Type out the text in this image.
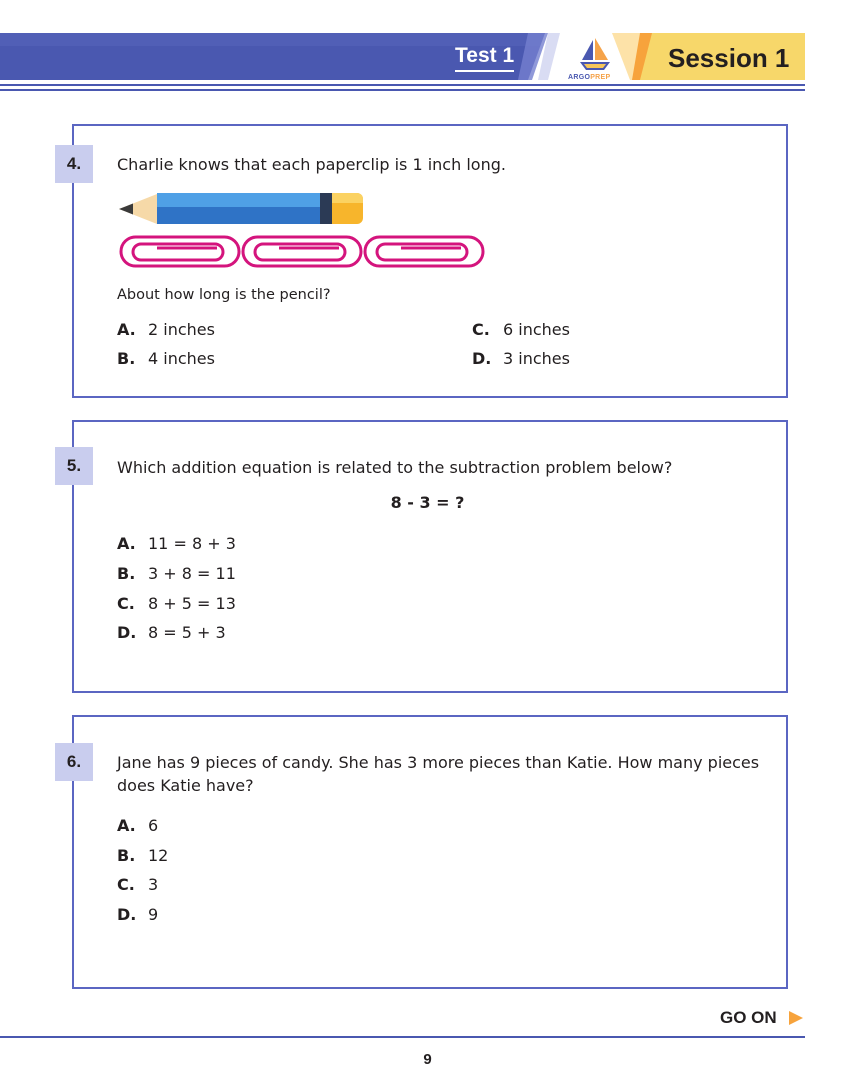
Test 1	Session 1
ARGOPREP
4.	Charlie knows that each paperclip is 1 inch long.
About how long is the pencil?
A. 2 inches
B. 4 inches
C. 6 inches
D. 3 inches
5.	Which addition equation is related to the subtraction problem below?
8 - 3 = ?
A. 11 = 8 + 3
B. 3 + 8 = 11
C. 8 + 5 = 13
D. 8 = 5 + 3
6.	Jane has 9 pieces of candy. She has 3 more pieces than Katie. How many pieces does Katie have?
A. 6
B. 12
C. 3
D. 9
GO ON
9
